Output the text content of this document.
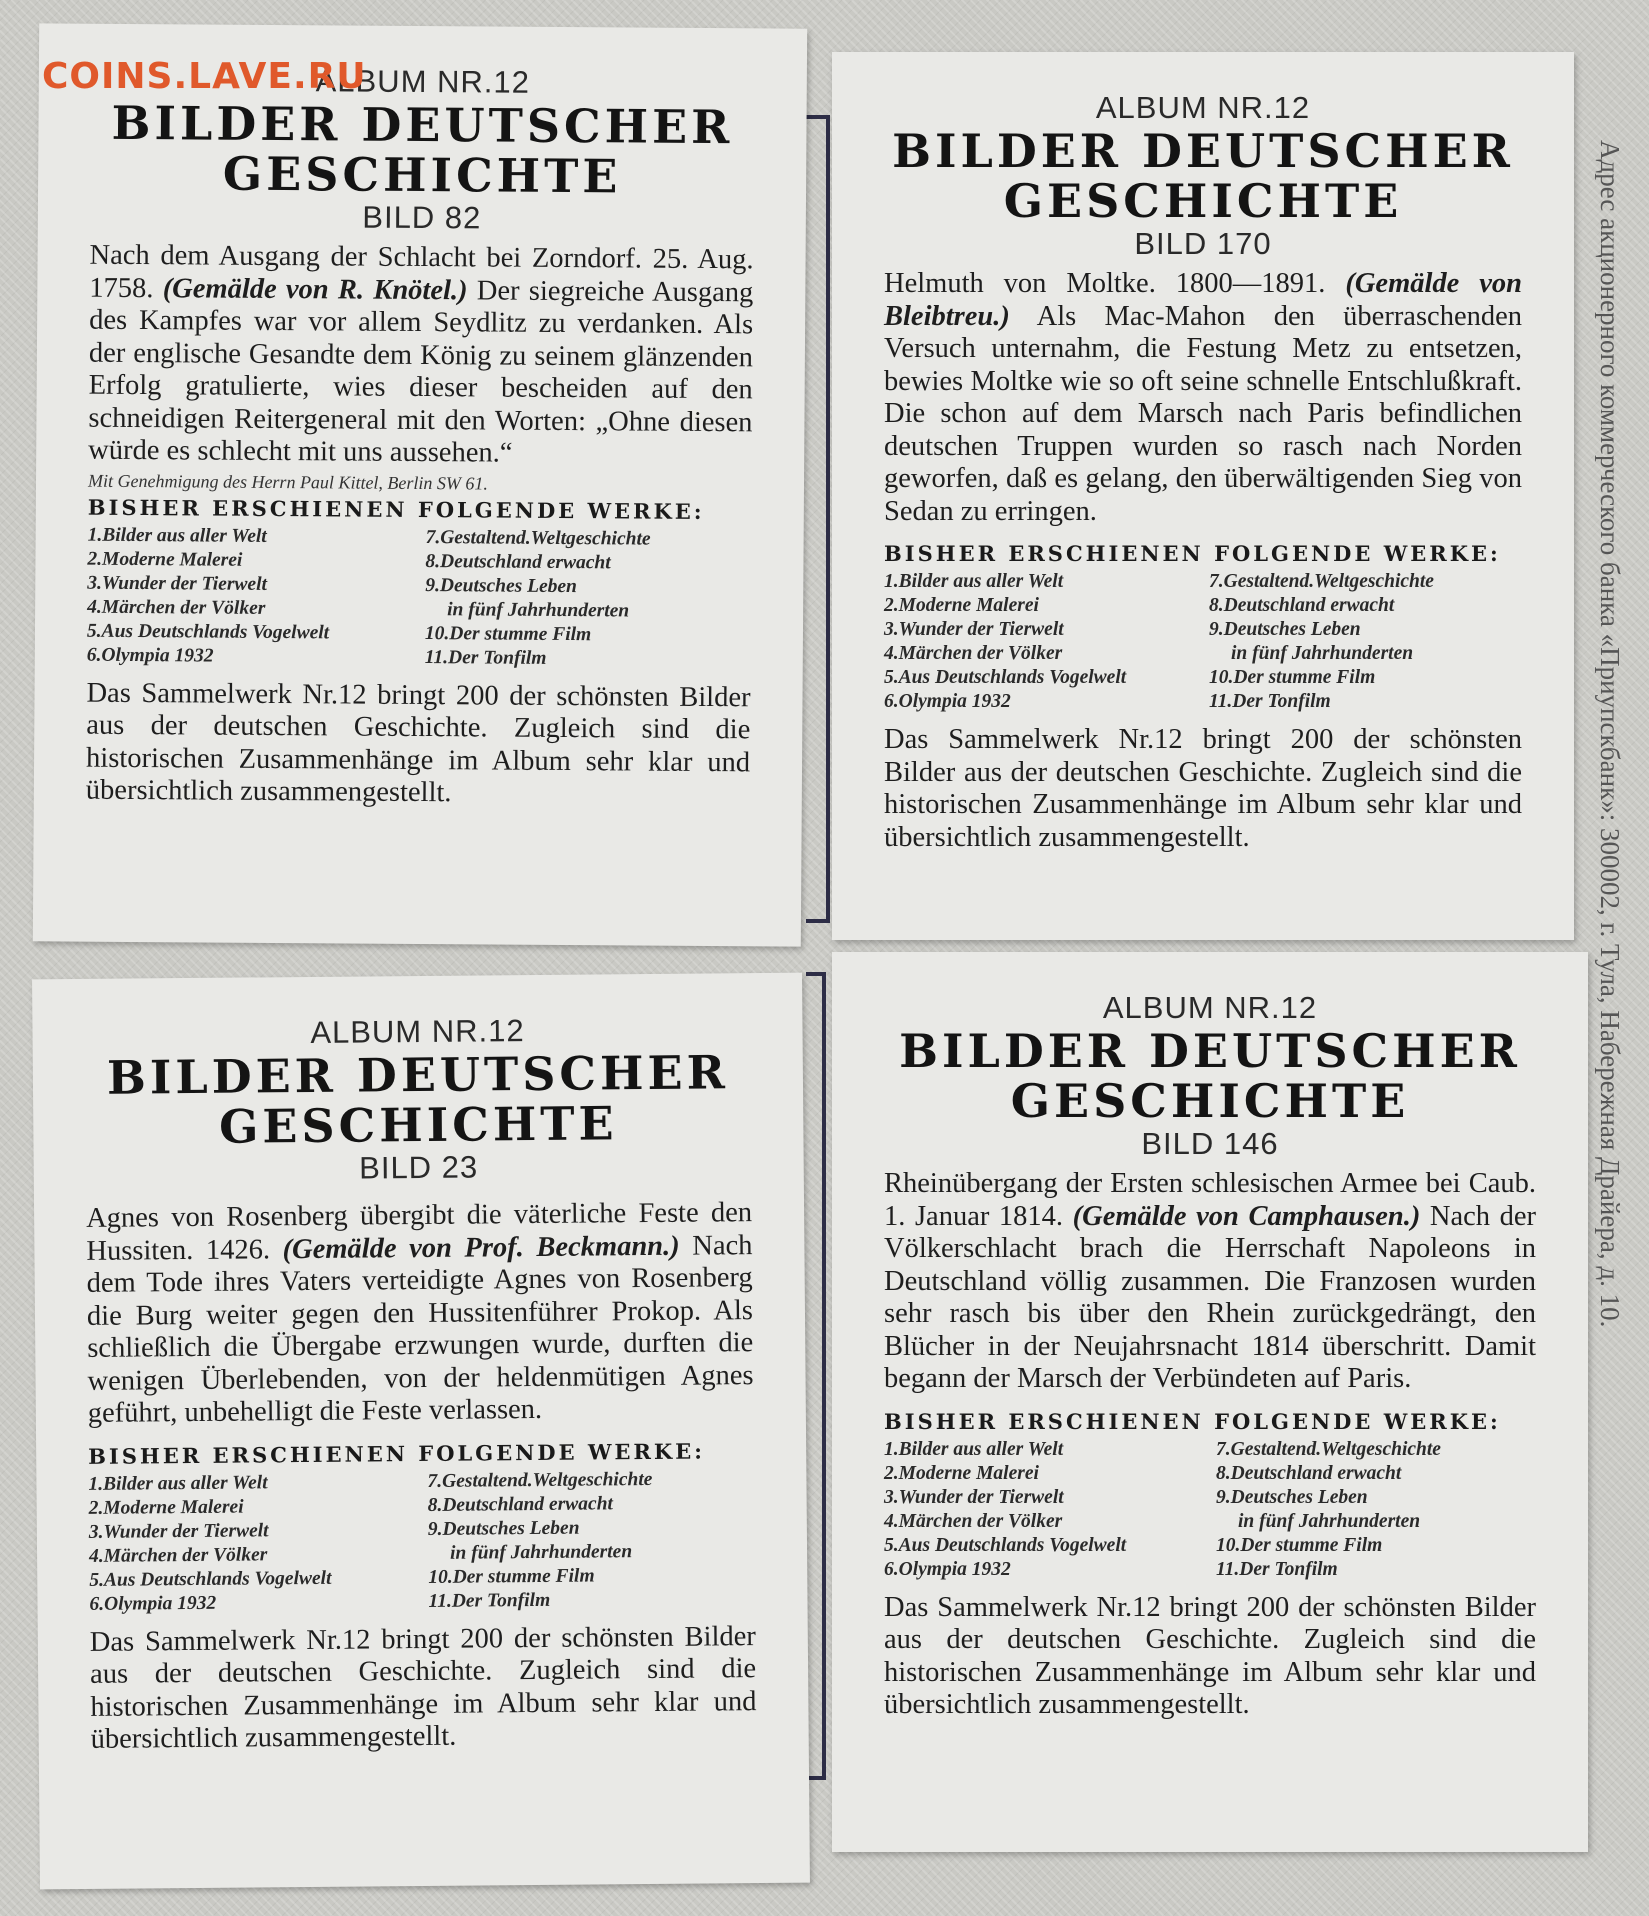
COINS.LAVE.RU
Адрес акционерного коммерческого банка «Приупскбанк»: 300002, г. Тула, Набережная Драйера, д. 10.
ALBUM NR.12
BILDER DEUTSCHER
GESCHICHTE
BILD 82
Nach dem Ausgang der Schlacht bei Zorndorf. 25. Aug. 1758. (Gemälde von R. Knötel.) Der siegreiche Ausgang des Kampfes war vor allem Seydlitz zu verdanken. Als der englische Gesandte dem König zu seinem glänzenden Erfolg gratulierte, wies dieser bescheiden auf den schneidigen Reitergeneral mit den Worten: „Ohne diesen würde es schlecht mit uns aussehen.“
Mit Genehmigung des Herrn Paul Kittel, Berlin SW 61.
BISHER ERSCHIENEN FOLGENDE WERKE:
1.Bilder aus aller Welt
2.Moderne Malerei
3.Wunder der Tierwelt
4.Märchen der Völker
5.Aus Deutschlands Vogelwelt
6.Olympia 1932
7.Gestaltend.Weltgeschichte
8.Deutschland erwacht
9.Deutsches Leben
in fünf Jahrhunderten
10.Der stumme Film
11.Der Tonfilm
Das Sammelwerk Nr.12 bringt 200 der schönsten Bilder aus der deutschen Geschichte. Zugleich sind die historischen Zusammenhänge im Album sehr klar und übersichtlich zusammengestellt.
ALBUM NR.12
BILDER DEUTSCHER
GESCHICHTE
BILD 170
Helmuth von Moltke. 1800—1891. (Gemälde von Bleibtreu.) Als Mac-Mahon den überraschenden Versuch unternahm, die Festung Metz zu entsetzen, bewies Moltke wie so oft seine schnelle Entschlußkraft. Die schon auf dem Marsch nach Paris befindlichen deutschen Truppen wurden so rasch nach Norden geworfen, daß es gelang, den überwältigenden Sieg von Sedan zu erringen.
BISHER ERSCHIENEN FOLGENDE WERKE:
1.Bilder aus aller Welt
2.Moderne Malerei
3.Wunder der Tierwelt
4.Märchen der Völker
5.Aus Deutschlands Vogelwelt
6.Olympia 1932
7.Gestaltend.Weltgeschichte
8.Deutschland erwacht
9.Deutsches Leben
in fünf Jahrhunderten
10.Der stumme Film
11.Der Tonfilm
Das Sammelwerk Nr.12 bringt 200 der schönsten Bilder aus der deutschen Geschichte. Zugleich sind die historischen Zusammenhänge im Album sehr klar und übersichtlich zusammengestellt.
ALBUM NR.12
BILDER DEUTSCHER
GESCHICHTE
BILD 23
Agnes von Rosenberg übergibt die väterliche Feste den Hussiten. 1426. (Gemälde von Prof. Beckmann.) Nach dem Tode ihres Vaters verteidigte Agnes von Rosenberg die Burg weiter gegen den Hussitenführer Prokop. Als schließlich die Übergabe erzwungen wurde, durften die wenigen Überlebenden, von der heldenmütigen Agnes geführt, unbehelligt die Feste verlassen.
BISHER ERSCHIENEN FOLGENDE WERKE:
1.Bilder aus aller Welt
2.Moderne Malerei
3.Wunder der Tierwelt
4.Märchen der Völker
5.Aus Deutschlands Vogelwelt
6.Olympia 1932
7.Gestaltend.Weltgeschichte
8.Deutschland erwacht
9.Deutsches Leben
in fünf Jahrhunderten
10.Der stumme Film
11.Der Tonfilm
Das Sammelwerk Nr.12 bringt 200 der schönsten Bilder aus der deutschen Geschichte. Zugleich sind die historischen Zusammenhänge im Album sehr klar und übersichtlich zusammengestellt.
ALBUM NR.12
BILDER DEUTSCHER
GESCHICHTE
BILD 146
Rheinübergang der Ersten schlesischen Armee bei Caub. 1. Januar 1814. (Gemälde von Camphausen.) Nach der Völkerschlacht brach die Herrschaft Napoleons in Deutschland völlig zusammen. Die Franzosen wurden sehr rasch bis über den Rhein zurückgedrängt, den Blücher in der Neujahrsnacht 1814 überschritt. Damit begann der Marsch der Verbündeten auf Paris.
BISHER ERSCHIENEN FOLGENDE WERKE:
1.Bilder aus aller Welt
2.Moderne Malerei
3.Wunder der Tierwelt
4.Märchen der Völker
5.Aus Deutschlands Vogelwelt
6.Olympia 1932
7.Gestaltend.Weltgeschichte
8.Deutschland erwacht
9.Deutsches Leben
in fünf Jahrhunderten
10.Der stumme Film
11.Der Tonfilm
Das Sammelwerk Nr.12 bringt 200 der schönsten Bilder aus der deutschen Geschichte. Zugleich sind die historischen Zusammenhänge im Album sehr klar und übersichtlich zusammengestellt.
